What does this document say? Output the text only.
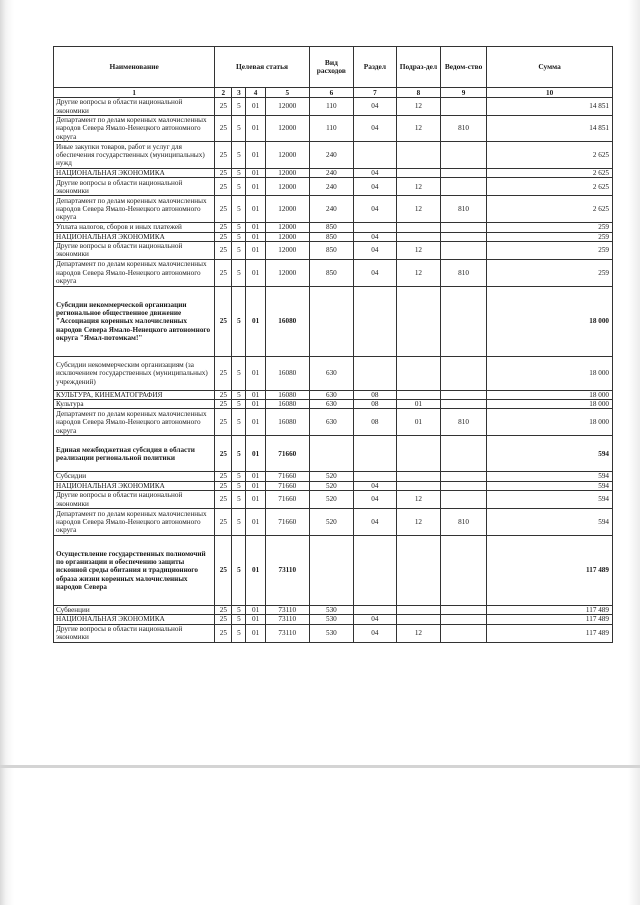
Наименование	Целевая статья				Вид расходов	Раздел	Подраз-дел	Ведом-ство	Сумма
1	2	3	4	5	6	7	8	9	10
Другие вопросы в области национальной экономики	25	5	01	12000	110	04	12		14 851
Департамент по делам коренных малочисленных народов Севера Ямало-Ненецкого автономного округа	25	5	01	12000	110	04	12	810	14 851
Иные закупки товаров, работ и услуг для обеспечения государственных (муниципальных) нужд	25	5	01	12000	240				2 625
НАЦИОНАЛЬНАЯ ЭКОНОМИКА	25	5	01	12000	240	04			2 625
Другие вопросы в области национальной экономики	25	5	01	12000	240	04	12		2 625
Департамент по делам коренных малочисленных народов Севера Ямало-Ненецкого автономного округа	25	5	01	12000	240	04	12	810	2 625
Уплата налогов, сборов и иных платежей	25	5	01	12000	850				259
НАЦИОНАЛЬНАЯ ЭКОНОМИКА	25	5	01	12000	850	04			259
Другие вопросы в области национальной экономики	25	5	01	12000	850	04	12		259
Департамент по делам коренных малочисленных народов Севера Ямало-Ненецкого автономного округа	25	5	01	12000	850	04	12	810	259
Субсидии некоммерческой организации региональное общественное движение "Ассоциация коренных малочисленных народов Севера Ямало-Ненецкого автономного округа "Ямал-потомкам!"	25	5	01	16080					18 000
Субсидии некоммерческим организациям (за исключением государственных (муниципальных) учреждений)	25	5	01	16080	630				18 000
КУЛЬТУРА, КИНЕМАТОГРАФИЯ	25	5	01	16080	630	08			18 000
Культура	25	5	01	16080	630	08	01		18 000
Департамент по делам коренных малочисленных народов Севера Ямало-Ненецкого автономного округа	25	5	01	16080	630	08	01	810	18 000
Единая межбюджетная субсидия в области реализации региональной политики	25	5	01	71660					594
Субсидии	25	5	01	71660	520				594
НАЦИОНАЛЬНАЯ ЭКОНОМИКА	25	5	01	71660	520	04			594
Другие вопросы в области национальной экономики	25	5	01	71660	520	04	12		594
Департамент по делам коренных малочисленных народов Севера Ямало-Ненецкого автономного округа	25	5	01	71660	520	04	12	810	594
Осуществление государственных полномочий по организации и обеспечению защиты исконной среды обитания и традиционного образа жизни коренных малочисленных народов Севера	25	5	01	73110					117 489
Субвенции	25	5	01	73110	530				117 489
НАЦИОНАЛЬНАЯ ЭКОНОМИКА	25	5	01	73110	530	04			117 489
Другие вопросы в области национальной экономики	25	5	01	73110	530	04	12		117 489
